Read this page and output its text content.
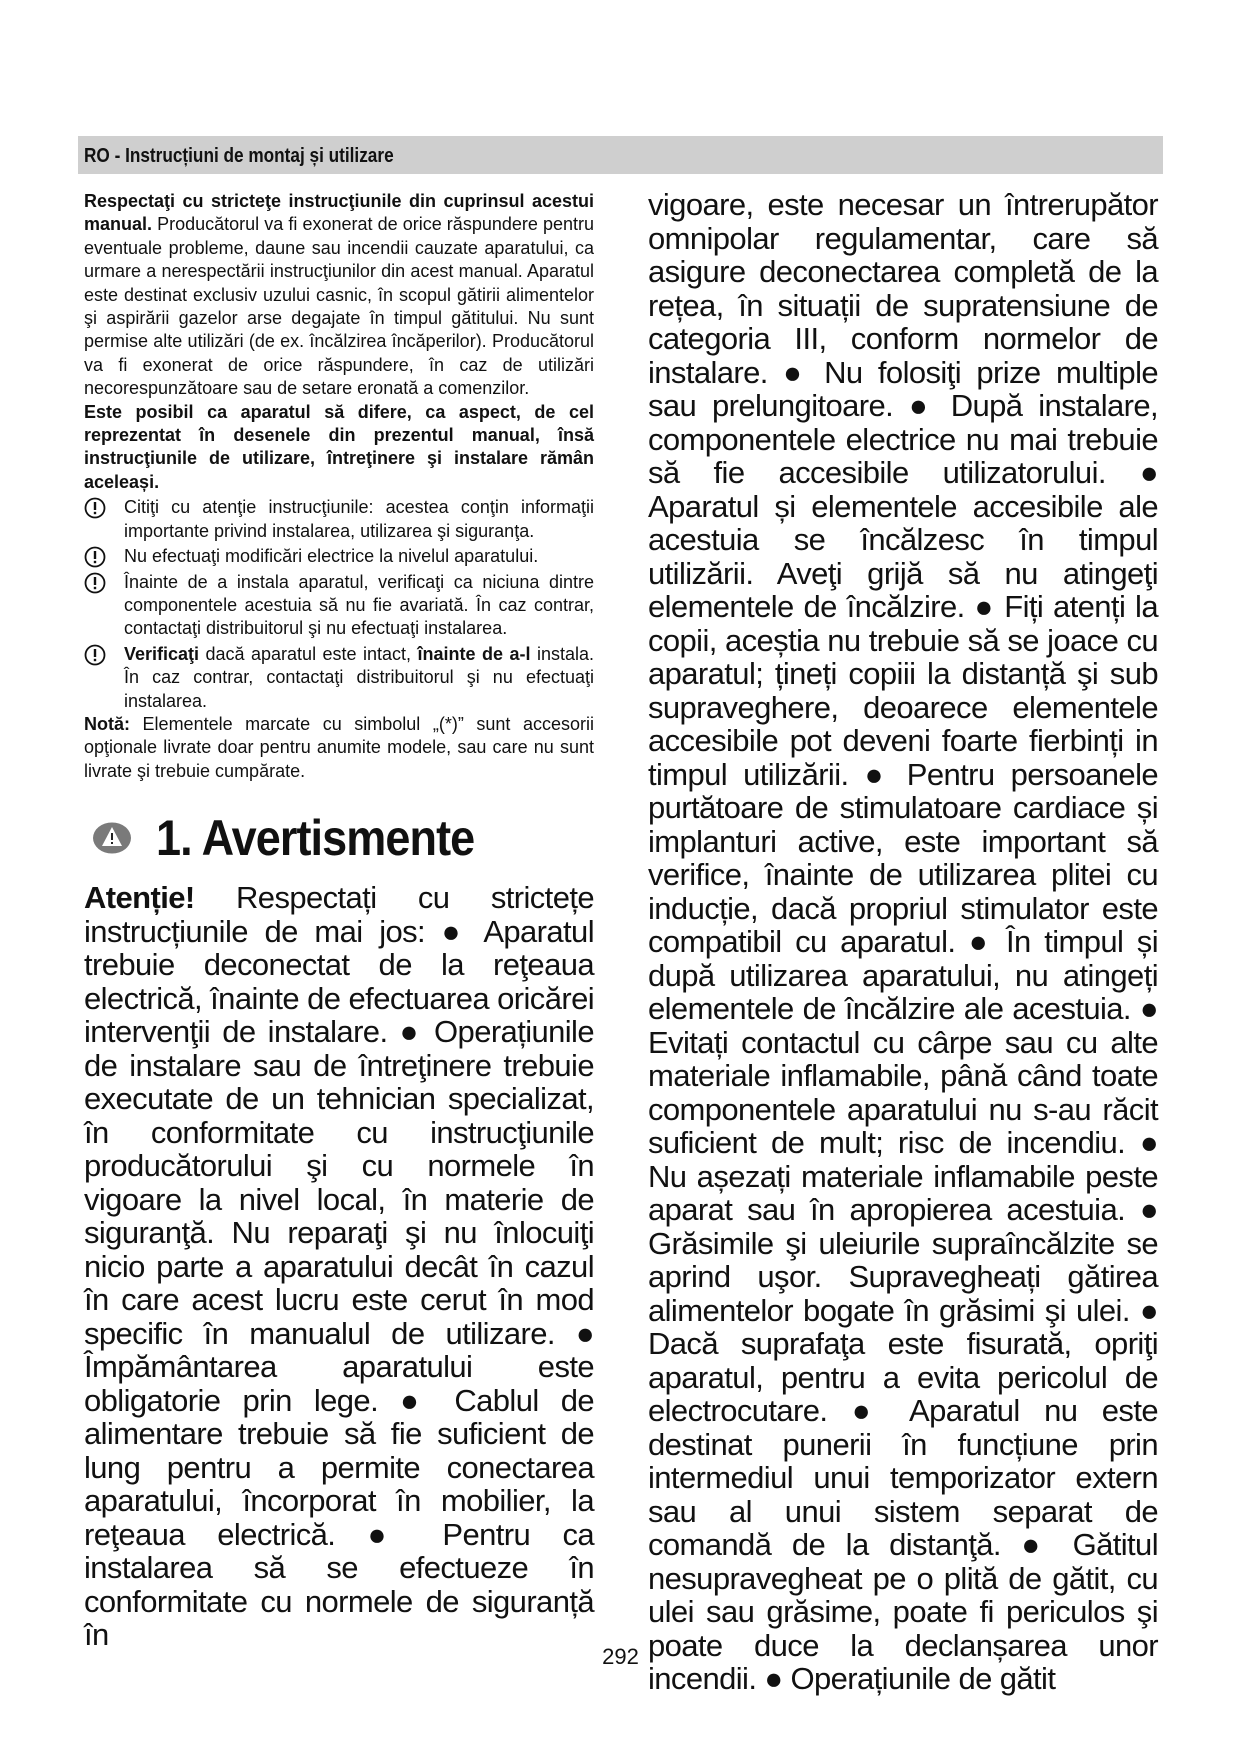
RO - Instrucțiuni de montaj și utilizare

Respectaţi cu stricteţe instrucţiunile din cuprinsul acestui manual. Producătorul va fi exonerat de orice răspundere pentru eventuale probleme, daune sau incendii cauzate aparatului, ca urmare a nerespectării instrucţiunilor din acest manual. Aparatul este destinat exclusiv uzului casnic, în scopul gătirii alimentelor şi aspirării gazelor arse degajate în timpul gătitului. Nu sunt permise alte utilizări (de ex. încălzirea încăperilor). Producătorul va fi exonerat de orice răspundere, în caz de utilizări necorespunzătoare sau de setare eronată a comenzilor.

Este posibil ca aparatul să difere, ca aspect, de cel reprezentat în desenele din prezentul manual, însă instrucţiunile de utilizare, întreţinere şi instalare rămân aceleași.

Citiţi cu atenţie instrucţiunile: acestea conţin informaţii importante privind instalarea, utilizarea şi siguranţa.
Nu efectuaţi modificări electrice la nivelul aparatului.
Înainte de a instala aparatul, verificaţi ca niciuna dintre componentele acestuia să nu fie avariată. În caz contrar, contactaţi distribuitorul şi nu efectuaţi instalarea.
Verificaţi dacă aparatul este intact, înainte de a-l instala. În caz contrar, contactaţi distribuitorul şi nu efectuaţi instalarea.

Notă: Elementele marcate cu simbolul „(*)” sunt accesorii opţionale livrate doar pentru anumite modele, sau care nu sunt livrate şi trebuie cumpărate.

1. Avertismente

Atenție! Respectați cu strictețe instrucțiunile de mai jos: ● Aparatul trebuie deconectat de la reţeaua electrică, înainte de efectuarea oricărei intervenţii de instalare. ● Operațiunile de instalare sau de întreţinere trebuie executate de un tehnician specializat, în conformitate cu instrucţiunile producătorului şi cu normele în vigoare la nivel local, în materie de siguranţă. Nu reparaţi şi nu înlocuiţi nicio parte a aparatului decât în cazul în care acest lucru este cerut în mod specific în manualul de utilizare. ● Împământarea aparatului este obligatorie prin lege. ● Cablul de alimentare trebuie să fie suficient de lung pentru a permite conectarea aparatului, încorporat în mobilier, la reţeaua electrică. ● Pentru ca instalarea să se efectueze în conformitate cu normele de siguranță în

vigoare, este necesar un întrerupător omnipolar regulamentar, care să asigure deconectarea completă de la rețea, în situații de supratensiune de categoria III, conform normelor de instalare. ● Nu folosiţi prize multiple sau prelungitoare. ● După instalare, componentele electrice nu mai trebuie să fie accesibile utilizatorului. ● Aparatul și elementele accesibile ale acestuia se încălzesc în timpul utilizării. Aveţi grijă să nu atingeţi elementele de încălzire. ● Fiți atenți la copii, aceștia nu trebuie să se joace cu aparatul; țineți copiii la distanță şi sub supraveghere, deoarece elementele accesibile pot deveni foarte fierbinți in timpul utilizării. ● Pentru persoanele purtătoare de stimulatoare cardiace și implanturi active, este important să verifice, înainte de utilizarea plitei cu inducție, dacă propriul stimulator este compatibil cu aparatul. ● În timpul și după utilizarea aparatului, nu atingeți elementele de încălzire ale acestuia. ● Evitați contactul cu cârpe sau cu alte materiale inflamabile, până când toate componentele aparatului nu s-au răcit suficient de mult; risc de incendiu. ● Nu așezați materiale inflamabile peste aparat sau în apropierea acestuia. ● Grăsimile şi uleiurile supraîncălzite se aprind uşor. Supravegheați gătirea alimentelor bogate în grăsimi şi ulei. ● Dacă suprafaţa este fisurată, opriţi aparatul, pentru a evita pericolul de electrocutare. ● Aparatul nu este destinat punerii în funcțiune prin intermediul unui temporizator extern sau al unui sistem separat de comandă de la distanţă. ● Gătitul nesupravegheat pe o plită de gătit, cu ulei sau grăsime, poate fi periculos şi poate duce la declanșarea unor incendii. ● Operațiunile de gătit

292
